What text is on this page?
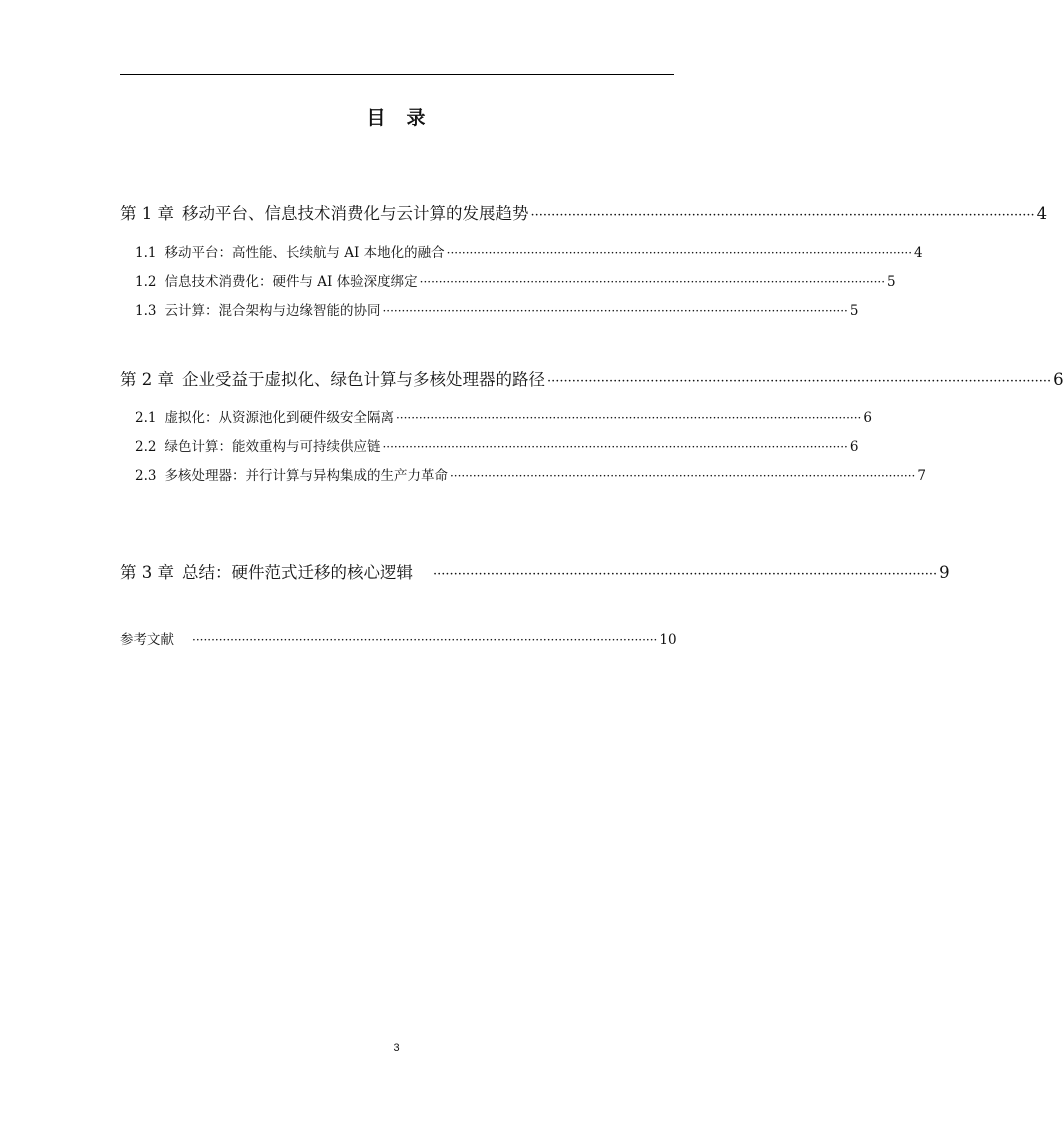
目 录
第 1 章 移动平台、信息技术消费化与云计算的发展趋势 ·························································································································· 4
1.1 移动平台：高性能、长续航与 AI 本地化的融合 ·························································································································· 4
1.2 信息技术消费化：硬件与 AI 体验深度绑定 ·························································································································· 5
1.3 云计算：混合架构与边缘智能的协同 ·························································································································· 5
第 2 章 企业受益于虚拟化、绿色计算与多核处理器的路径 ·························································································································· 6
2.1 虚拟化：从资源池化到硬件级安全隔离 ·························································································································· 6
2.2 绿色计算：能效重构与可持续供应链 ·························································································································· 6
2.3 多核处理器：并行计算与异构集成的生产力革命 ·························································································································· 7
第 3 章 总结：硬件范式迁移的核心逻辑 ·························································································································· 9
参考文献 ·························································································································· 10
3
